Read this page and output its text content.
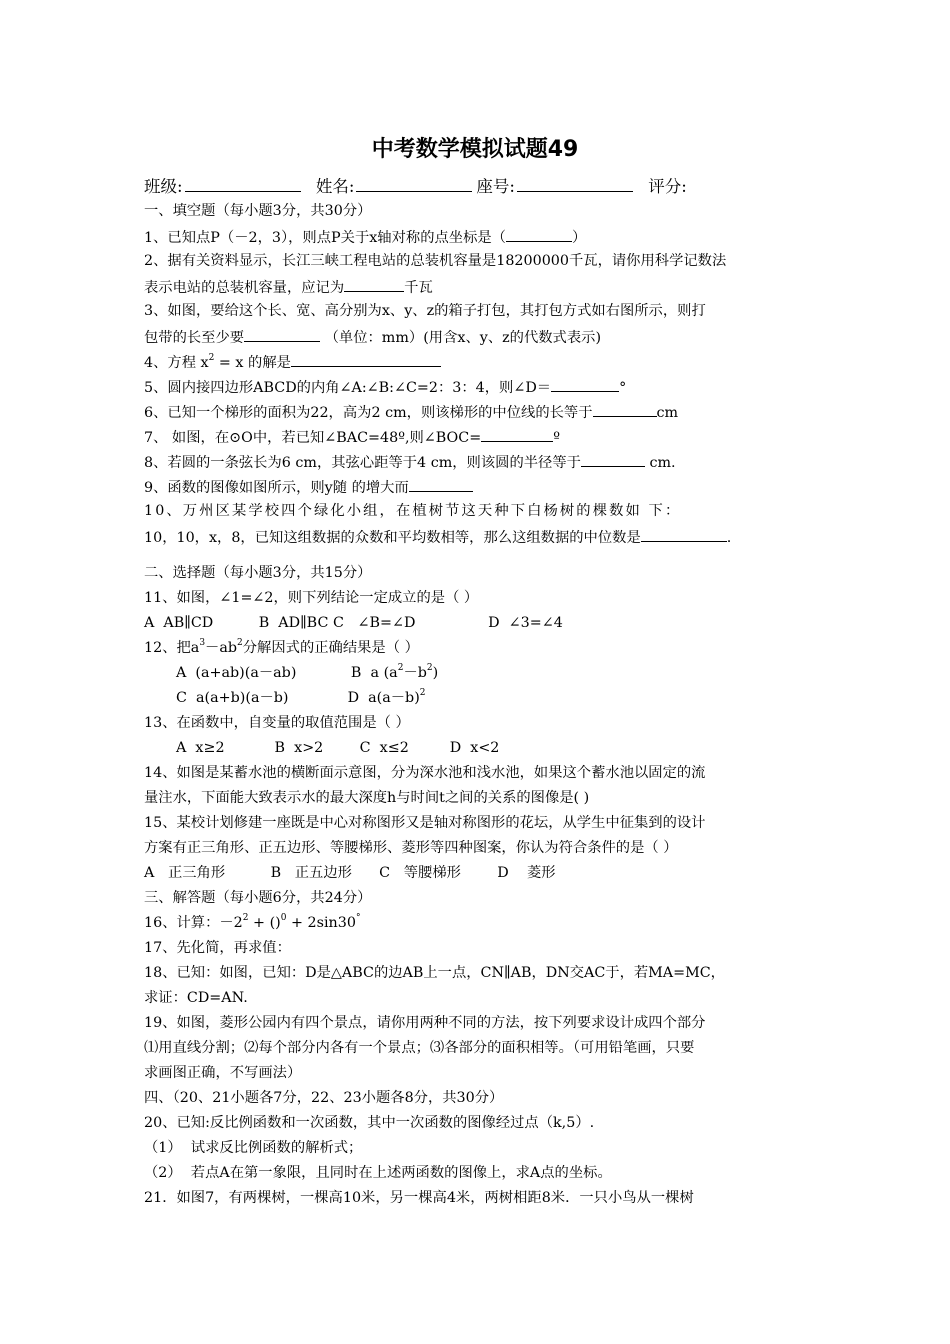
中考数学模拟试题49
班级:	姓名:	座号:	评分:
一、填空题（每小题3分，共30分）
1、已知点P（－2，3），则点P关于x轴对称的点坐标是（	）
2、据有关资料显示，长江三峡工程电站的总装机容量是18200000千瓦，请你用科学记数法
表示电站的总装机容量，应记为	千瓦
3、如图，要给这个长、宽、高分别为x、y、z的箱子打包，其打包方式如右图所示，则打
包带的长至少要	（单位：mm）(用含x、y、z的代数式表示)
4、方程 $x^2 = x$ 的解是
5、圆内接四边形ABCD的内角∠A:∠B:∠C=2：3：4，则∠D＝	°
6、已知一个梯形的面积为22，高为2 cm，则该梯形的中位线的长等于	cm
7、 如图，在⊙O中，若已知∠BAC=48º,则∠BOC=	º
8、若圆的一条弦长为6 cm，其弦心距等于4 cm，则该圆的半径等于	cm.
9、函数的图像如图所示，则y随 的增大而
10、万州区某学校四个绿化小组，在植树节这天种下白杨树的棵数如 下：
10，10，x，8，已知这组数据的众数和平均数相等，那么这组数据的中位数是	.
二、选择题（每小题3分，共15分）
11、如图，∠1=∠2，则下列结论一定成立的是（ ）
A  AB∥CD          B  AD∥BC C   ∠B=∠D                D  ∠3=∠4
12、把$a^3-ab^2$分解因式的正确结果是（ ）
A  (a+ab)(a－ab)            B  a $(a^2-b^2)$
C  a(a+b)(a－b)             D  $a(a-b)^2$
13、在函数中，自变量的取值范围是（ ）
A  x≥2           B  x>2        C  x≤2         D  x<2
14、如图是某蓄水池的横断面示意图，分为深水池和浅水池，如果这个蓄水池以固定的流
量注水，下面能大致表示水的最大深度h与时间t之间的关系的图像是( )
15、某校计划修建一座既是中心对称图形又是轴对称图形的花坛，从学生中征集到的设计
方案有正三角形、正五边形、等腰梯形、菱形等四种图案，你认为符合条件的是（ ）
A   正三角形          B   正五边形      C   等腰梯形        D    菱形
三、解答题（每小题6分，共24分）
16、计算：$-2^2 + ()^0 + 2\sin 30^\circ$
17、先化简，再求值：
18、已知：如图，已知：D是△ABC的边AB上一点，CN∥AB，DN交AC于，若MA=MC，
求证：CD=AN.
19、如图，菱形公园内有四个景点，请你用两种不同的方法，按下列要求设计成四个部分
⑴用直线分割；⑵每个部分内各有一个景点；⑶各部分的面积相等。（可用铅笔画，只要
求画图正确，不写画法）
四、（20、21小题各7分，22、23小题各8分，共30分）
20、已知:反比例函数和一次函数，其中一次函数的图像经过点（k,5）.
（1）  试求反比例函数的解析式；
（2）  若点A在第一象限，且同时在上述两函数的图像上，求A点的坐标。
21．如图7，有两棵树，一棵高10米，另一棵高4米，两树相距8米．一只小鸟从一棵树
